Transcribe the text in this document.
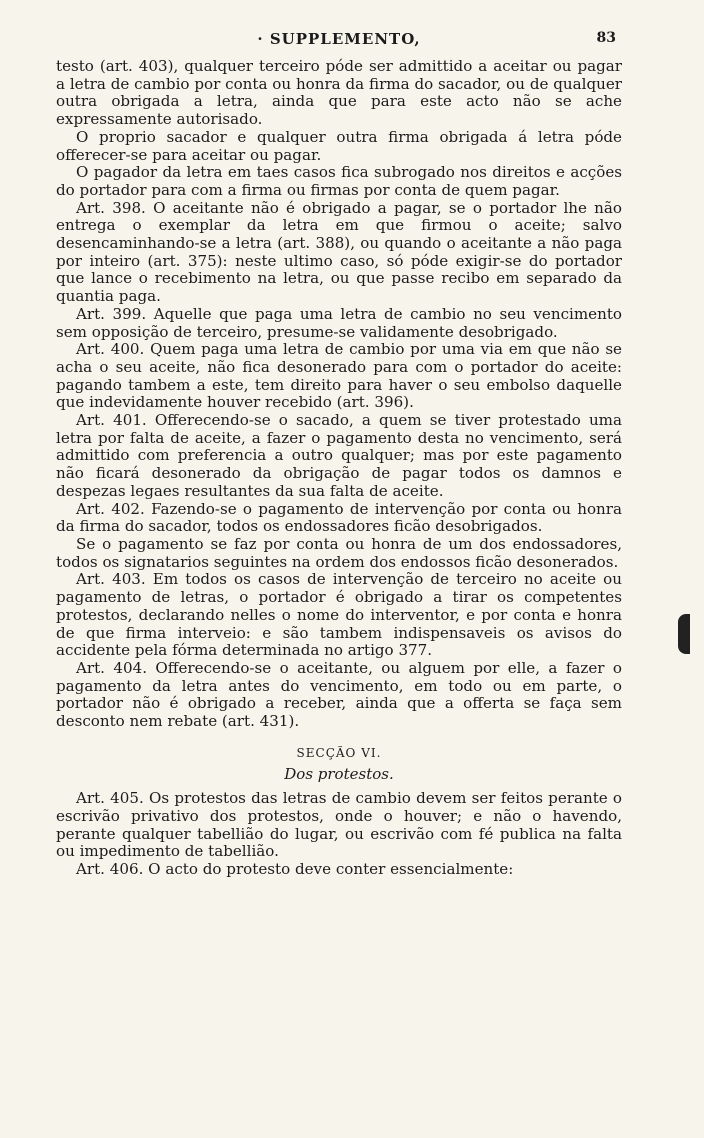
· SUPPLEMENTO,	83

testo (art. 403), qualquer terceiro póde ser admittido a aceitar ou pagar a letra de cambio por conta ou honra da firma do sacador, ou de qualquer outra obrigada a letra, ainda que para este acto não se ache expressamente autorisado.

O proprio sacador e qualquer outra firma obrigada á letra póde offerecer-se para aceitar ou pagar.

O pagador da letra em taes casos fica subrogado nos direitos e acções do portador para com a firma ou firmas por conta de quem pagar.

Art. 398. O aceitante não é obrigado a pagar, se o portador lhe não entrega o exemplar da letra em que firmou o aceite; salvo desencaminhando-se a letra (art. 388), ou quando o aceitante a não paga por inteiro (art. 375): neste ultimo caso, só póde exigir-se do portador que lance o recebimento na letra, ou que passe recibo em separado da quantia paga.

Art. 399. Aquelle que paga uma letra de cambio no seu vencimento sem opposição de terceiro, presume-se validamente desobrigado.

Art. 400. Quem paga uma letra de cambio por uma via em que não se acha o seu aceite, não fica desonerado para com o portador do aceite: pagando tambem a este, tem direito para haver o seu embolso daquelle que indevidamente houver recebido (art. 396).

Art. 401. Offerecendo-se o sacado, a quem se tiver protestado uma letra por falta de aceite, a fazer o pagamento desta no vencimento, será admittido com preferencia a outro qualquer; mas por este pagamento não ficará desonerado da obrigação de pagar todos os damnos e despezas legaes resultantes da sua falta de aceite.

Art. 402. Fazendo-se o pagamento de intervenção por conta ou honra da firma do sacador, todos os endossadores ficão desobrigados.

Se o pagamento se faz por conta ou honra de um dos endossadores, todos os signatarios seguintes na ordem dos endossos ficão desonerados.

Art. 403. Em todos os casos de intervenção de terceiro no aceite ou pagamento de letras, o portador é obrigado a tirar os competentes protestos, declarando nelles o nome do interventor, e por conta e honra de que firma interveio: e são tambem indispensaveis os avisos do accidente pela fórma determinada no artigo 377.

Art. 404. Offerecendo-se o aceitante, ou alguem por elle, a fazer o pagamento da letra antes do vencimento, em todo ou em parte, o portador não é obrigado a receber, ainda que a offerta se faça sem desconto nem rebate (art. 431).

SECÇÃO VI.
Dos protestos.

Art. 405. Os protestos das letras de cambio devem ser feitos perante o escrivão privativo dos protestos, onde o houver; e não o havendo, perante qualquer tabellião do lugar, ou escrivão com fé publica na falta ou impedimento de tabellião.

Art. 406. O acto do protesto deve conter essencialmente:
